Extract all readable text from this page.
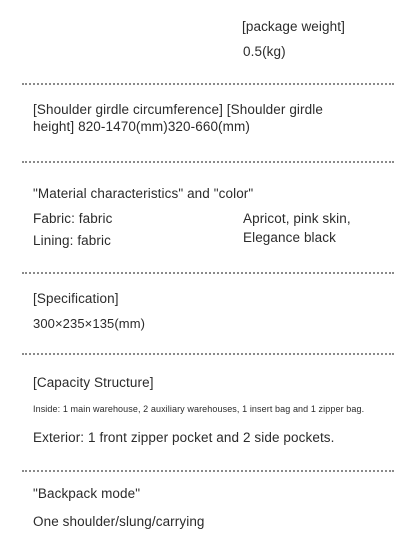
[package weight]
0.5(kg)
[Shoulder girdle circumference] [Shoulder girdle
height] 820-1470(mm)320-660(mm)
"Material characteristics" and "color"
Fabric: fabric
Lining: fabric
Apricot, pink skin,
Elegance black
[Specification]
300×235×135(mm)
[Capacity Structure]
Inside: 1 main warehouse, 2 auxiliary warehouses, 1 insert bag and 1 zipper bag.
Exterior: 1 front zipper pocket and 2 side pockets.
"Backpack mode"
One shoulder/slung/carrying
